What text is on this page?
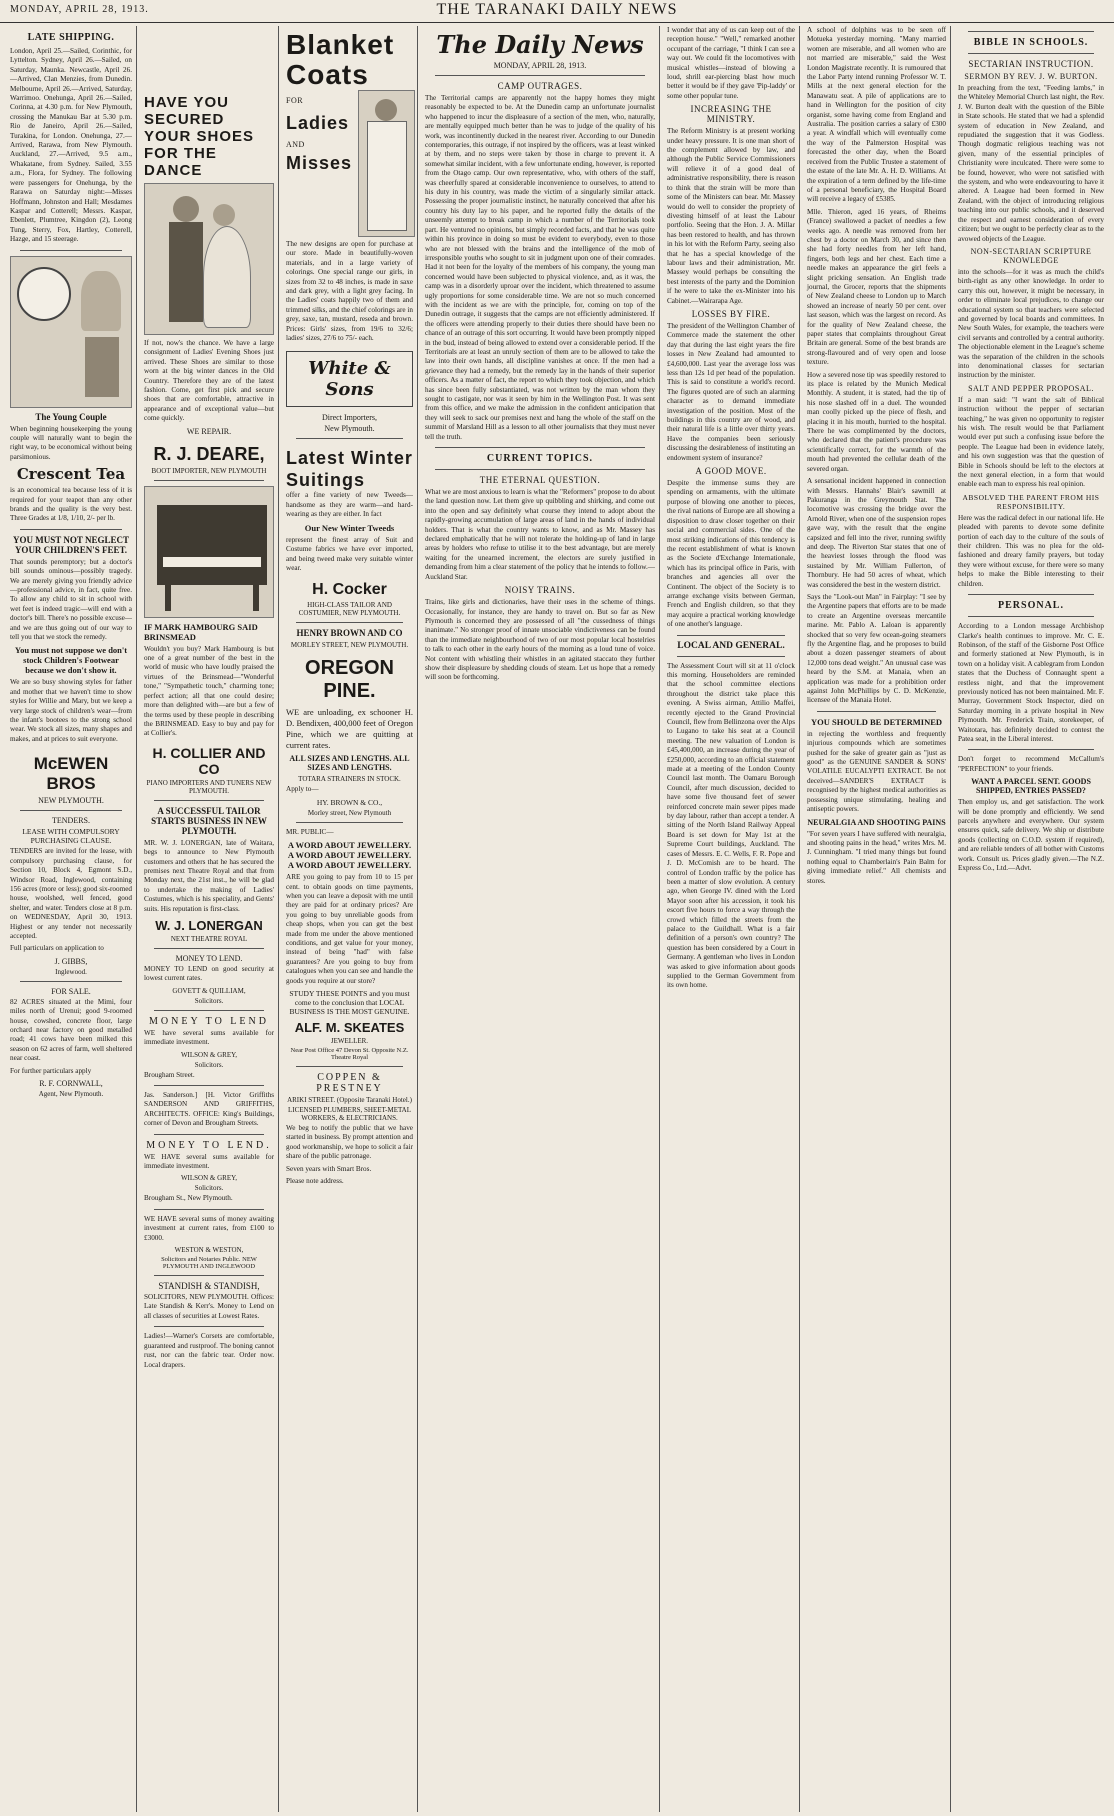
MONDAY, APRIL 28, 1913.	THE TARANAKI DAILY NEWS
LATE SHIPPING.
London, April 25.—Sailed, Corinthic, for Lyttelton. Sydney, April 26.—Sailed, on Saturday, Maunka. Newcastle, April 26.—Arrived, Clan Menzies, from Dunedin. Melbourne, April 26.—Arrived, Saturday, Warrimoo. Onehunga, April 26.—Sailed, Corinna, at 4.30 p.m. for New Plymouth, crossing the Manukau Bar at 5.30 p.m. Rio de Janeiro, April 26.—Sailed, Turakina, for London. Onehunga, 27.—Arrived, Rarawa, from New Plymouth. Auckland, 27.—Arrived, 9.5 a.m., Whakatane, from Sydney. Sailed, 3.55 a.m., Flora, for Sydney. The following were passengers for Onehunga, by the Rarawa on Saturday night:—Misses Hoffmann, Johnston and Hall; Mesdames Kaspar and Cotterell; Messrs. Kaspar, Ebenlett, Plumtree, Kingdon (2), Leong Tung, Sterry, Fox, Hartley, Cotterell, Hazge, and 15 steerage.
The Young Couple
When beginning housekeeping the young couple will naturally want to begin the right way, to be economical without being parsimonious.
Crescent Tea
is an economical tea because less of it is required for your teapot than any other brands and the quality is the very best. Three Grades at 1/8, 1/10, 2/- per lb.
YOU MUST NOT NEGLECT YOUR CHILDREN'S FEET.
That sounds peremptory; but a doctor's bill sounds ominous—possibly tragedy. We are merely giving you friendly advice—professional advice, in fact, quite free. To allow any child to sit in school with wet feet is indeed tragic—will end with a doctor's bill. There's no possible excuse—and we are thus going out of our way to tell you that we stock the remedy.
You must not suppose we don't stock Children's Footwear because we don't show it.
We are so busy showing styles for father and mother that we haven't time to show styles for Willie and Mary, but we keep a very large stock of children's wear—from the infant's bootees to the strong school wear. We stock all sizes, many shapes and makes, and at prices to suit everyone.
McEWEN BROS
NEW PLYMOUTH.
TENDERS.
LEASE WITH COMPULSORY PURCHASING CLAUSE.
TENDERS are invited for the lease, with compulsory purchasing clause, for Section 10, Block 4, Egmont S.D., Windsor Road, Inglewood, containing 156 acres (more or less); good six-roomed house, woolshed, well fenced, good shelter, and water. Tenders close at 8 p.m. on WEDNESDAY, April 30, 1913. Highest or any tender not necessarily accepted.
Full particulars on application to
J. GIBBS,
Inglewood.
FOR SALE.
82 ACRES situated at the Mimi, four miles north of Urenui; good 9-roomed house, cowshed, concrete floor, large orchard near factory on good metalled road; 41 cows have been milked this season on 62 acres of farm, well sheltered near coast.
For further particulars apply
R. F. CORNWALL,
Agent, New Plymouth.
HAVE YOU SECURED YOUR SHOES FOR THE DANCE
If not, now's the chance. We have a large consignment of Ladies' Evening Shoes just arrived. These Shoes are similar to those worn at the big winter dances in the Old Country. Therefore they are of the latest fashion. Come, get first pick and secure shoes that are comfortable, attractive in appearance and of exceptional value—but come quickly.
WE REPAIR.
R. J. DEARE,
BOOT IMPORTER, NEW PLYMOUTH
IF MARK HAMBOURG SAID BRINSMEAD
Wouldn't you buy? Mark Hambourg is but one of a great number of the best in the world of music who have loudly praised the virtues of the Brinsmead—"Wonderful tone," "Sympathetic touch," charming tone; perfect action; all that one could desire; more than delighted with—are but a few of the terms used by these people in describing the BRINSMEAD. Easy to buy and pay for at Collier's.
H. COLLIER AND CO
PIANO IMPORTERS AND TUNERS NEW PLYMOUTH.
A SUCCESSFUL TAILOR STARTS BUSINESS IN NEW PLYMOUTH.
MR. W. J. LONERGAN, late of Waitara, begs to announce to New Plymouth customers and others that he has secured the premises next Theatre Royal and that from Monday next, the 21st inst., he will be glad to undertake the making of Ladies' Costumes, which is his speciality, and Gents' suits. His reputation is first-class.
W. J. LONERGAN
NEXT THEATRE ROYAL
MONEY TO LEND.
MONEY TO LEND on good security at lowest current rates.
GOVETT & QUILLIAM,
Solicitors.
MONEY TO LEND
WE have several sums available for immediate investment.
WILSON & GREY,
Solicitors.
Brougham Street.
Jas. Sanderson.] [H. Victor Griffiths SANDERSON AND GRIFFITHS, ARCHITECTS. OFFICE: King's Buildings, corner of Devon and Brougham Streets.
MONEY TO LEND.
WE HAVE several sums available for immediate investment.
WILSON & GREY,
Solicitors.
Brougham St., New Plymouth.
WE HAVE several sums of money awaiting investment at current rates, from £100 to £3000.
WESTON & WESTON,
Solicitors and Notaries Public. NEW PLYMOUTH AND INGLEWOOD
STANDISH & STANDISH,
SOLICITORS, NEW PLYMOUTH. Offices: Late Standish & Kerr's. Money to Lend on all classes of securities at Lowest Rates.
Ladies!—Warner's Corsets are comfortable, guaranteed and rustproof. The boning cannot rust, nor can the fabric tear. Order now. Local drapers.
Blanket Coats
FOR
Ladies
AND
Misses
The new designs are open for purchase at our store. Made in beautifully-woven materials, and in a large variety of colorings. One special range our girls, in sizes from 32 to 48 inches, is made in saxe and dark grey, with a light grey facing. In the Ladies' coats happily two of them and trimmed silks, and the chief colorings are in grey, saxe, tan, mustard, reseda and brown. Prices: Girls' sizes, from 19/6 to 32/6; ladies' sizes, 27/6 to 75/- each.
White & Sons
Direct Importers,
New Plymouth.
Latest Winter Suitings
offer a fine variety of new Tweeds—handsome as they are warm—and hard-wearing as they are either. In fact
Our New Winter Tweeds
represent the finest array of Suit and Costume fabrics we have ever imported, and being tweed make very suitable winter wear.
H. Cocker
HIGH-CLASS TAILOR AND COSTUMIER, NEW PLYMOUTH.
HENRY BROWN AND CO
MORLEY STREET, NEW PLYMOUTH.
OREGON PINE.
WE are unloading, ex schooner H. D. Bendixen, 400,000 feet of Oregon Pine, which we are quitting at current rates.
ALL SIZES AND LENGTHS. ALL SIZES AND LENGTHS.
TOTARA STRAINERS IN STOCK.
Apply to—
HY. BROWN & CO.,
Morley street, New Plymouth
MR. PUBLIC—
A WORD ABOUT JEWELLERY. A WORD ABOUT JEWELLERY. A WORD ABOUT JEWELLERY.
ARE you going to pay from 10 to 15 per cent. to obtain goods on time payments, when you can leave a deposit with me until they are paid for at ordinary prices? Are you going to buy unreliable goods from cheap shops, when you can get the best made from me under the above mentioned conditions, and get value for your money, instead of being "had" with false guarantees? Are you going to buy from catalogues when you can see and handle the goods you require at our store?
STUDY THESE POINTS and you must come to the conclusion that LOCAL BUSINESS IS THE MOST GENUINE.
ALF. M. SKEATES
JEWELLER.
Near Post Office 47 Devon St. Opposite N.Z. Theatre Royal
COPPEN & PRESTNEY
ARIKI STREET. (Opposite Taranaki Hotel.)
LICENSED PLUMBERS, SHEET-METAL WORKERS, & ELECTRICIANS.
We beg to notify the public that we have started in business. By prompt attention and good workmanship, we hope to solicit a fair share of the public patronage.
Seven years with Smart Bros.
Please note address.
The Daily News
MONDAY, APRIL 28, 1913.
CAMP OUTRAGES.
The Territorial camps are apparently not the happy homes they might reasonably be expected to be. At the Dunedin camp an unfortunate journalist who happened to incur the displeasure of a section of the men, who, naturally, are mentally equipped much better than he was to judge of the quality of his work, was incontinently ducked in the nearest river. According to our Dunedin contemporaries, this outrage, if not inspired by the officers, was at least winked at by them, and no steps were taken by those in charge to prevent it. A somewhat similar incident, with a few unfortunate ending, however, is reported from the Otago camp. Our own representative, who, with others of the staff, was cheerfully spared at considerable inconvenience to ourselves, to attend to his duty in his country, was made the victim of a singularly similar attack. Possessing the proper journalistic instinct, he naturally conceived that after his country his duty lay to his paper, and he reported fully the details of the unseemly attempt to break camp in which a number of the Territorials took part. He ventured no opinions, but simply recorded facts, and that he was quite within his province in doing so must be evident to everybody, even to those who are not blessed with the brains and the intelligence of the mob of irresponsible youths who sought to sit in judgment upon one of their comrades. Had it not been for the loyalty of the members of his company, the young man concerned would have been subjected to physical violence, and, as it was, the camp was in a disorderly uproar over the incident, which threatened to assume ugly proportions for some considerable time. We are not so much concerned with the incident as we are with the principle, for, coming on top of the Dunedin outrage, it suggests that the camps are not efficiently administered. If the officers were attending properly to their duties there should have been no chance of an outrage of this sort occurring. It would have been promptly nipped in the bud, instead of being allowed to extend over a considerable period. If the Territorials are at least an unruly section of them are to be allowed to take the law into their own hands, all discipline vanishes at once. If the men had a grievance they had a remedy, but the remedy lay in the hands of their superior officers. As a matter of fact, the report to which they took objection, and which has since been fully substantiated, was not written by the man whom they sought to castigate, nor was it seen by him in the Wellington Post. It was sent from this office, and we make the admission in the confident anticipation that they will seek to sack our premises next and hang the whole of the staff on the summit of Marsland Hill as a lesson to all other journalists that they must never tell the truth.
CURRENT TOPICS.
THE ETERNAL QUESTION.
What we are most anxious to learn is what the "Reformers" propose to do about the land question now. Let them give up quibbling and shirking, and come out into the open and say definitely what course they intend to adopt about the rapidly-growing accumulation of large areas of land in the hands of individual holders. That is what the country wants to know, and as Mr. Massey has declared emphatically that he will not tolerate the holding-up of land in large areas by holders who refuse to utilise it to the best advantage, but are merely waiting for the unearned increment, the electors are surely justified in demanding from him a clear statement of the policy that he intends to follow.—Auckland Star.
NOISY TRAINS.
Trains, like girls and dictionaries, have their uses in the scheme of things. Occasionally, for instance, they are handy to travel on. But so far as New Plymouth is concerned they are possessed of all "the cussedness of things inanimate." No stronger proof of innate unsociable vindictiveness can be found than the immediate neighbourhood of two of our most popular local hostelries to talk to each other in the early hours of the morning as a loud tune of voice. Not content with whistling their whistles in an agitated staccato they further show their displeasure by shedding clouds of steam. Let us hope that a remedy will soon be forthcoming.
I wonder that any of us can keep out of the reception house." "Well," remarked another occupant of the carriage, "I think I can see a way out. We could fit the locomotives with musical whistles—instead of blowing a loud, shrill ear-piercing blast how much better it would be if they gave 'Pip-laddy' or some other popular tune.
INCREASING THE MINISTRY.
The Reform Ministry is at present working under heavy pressure. It is one man short of the complement allowed by law, and although the Public Service Commissioners will relieve it of a good deal of administrative responsibility, there is reason to think that the strain will be more than some of the Ministers can bear. Mr. Massey would do well to consider the propriety of divesting himself of at least the Labour portfolio. Seeing that the Hon. J. A. Millar has been restored to health, and has thrown in his lot with the Reform Party, seeing also that he has a special knowledge of the labour laws and their administration, Mr. Massey would perhaps be consulting the best interests of the party and the Dominion if he were to take the ex-Minister into his Cabinet.—Wairarapa Age.
LOSSES BY FIRE.
The president of the Wellington Chamber of Commerce made the statement the other day that during the last eight years the fire losses in New Zealand had amounted to £4,600,000. Last year the average loss was less than 12s 1d per head of the population. This is said to constitute a world's record. The figures quoted are of such an alarming character as to demand immediate investigation of the position. Most of the buildings in this country are of wood, and their natural life is a little over thirty years. Have the companies been seriously discussing the desirableness of instituting an endowment system of insurance?
A GOOD MOVE.
Despite the immense sums they are spending on armaments, with the ultimate purpose of blowing one another to pieces, the rival nations of Europe are all showing a disposition to draw closer together on their social and commercial sides. One of the most striking indications of this tendency is the recent establishment of what is known as the Societe d'Exchange Internationale, which has its principal office in Paris, with branches and agencies all over the Continent. The object of the Society is to arrange exchange visits between German, French and English children, so that they may acquire a practical working knowledge of one another's language.
LOCAL AND GENERAL.
The Assessment Court will sit at 11 o'clock this morning. Householders are reminded that the school committee elections throughout the district take place this evening. A Swiss airman, Attilio Maffei, recently ejected to the Grand Provincial Council, flew from Bellinzona over the Alps to Lugano to take his seat at a Council meeting. The new valuation of London is £45,400,000, an increase during the year of £250,000, according to an official statement made at a meeting of the London County Council last month. The Oamaru Borough Council, after much discussion, decided to have some five thousand feet of sewer reinforced concrete main sewer pipes made by day labour, rather than accept a tender. A sitting of the North Island Railway Appeal Board is set down for May 1st at the Supreme Court buildings, Auckland. The cases of Messrs. E. C. Wells, F. R. Pope and J. D. McComish are to be heard. The control of London traffic by the police has been a matter of slow evolution. A century ago, when George IV. dined with the Lord Mayor soon after his accession, it took his escort five hours to force a way through the crowd which filled the streets from the palace to the Guildhall. What is a fair definition of a person's own country? The question has been considered by a Court in Germany. A gentleman who lives in London was asked to give information about goods supplied to the German Government from its own home.
A school of dolphins was to be seen off Motueka yesterday morning. "Many married women are miserable, and all women who are not married are miserable," said the West London Magistrate recently. It is rumoured that the Labor Party intend running Professor W. T. Mills at the next general election for the Manawatu seat. A pile of applications are to hand in Wellington for the position of city organist, some having come from England and Australia. The position carries a salary of £300 a year. A windfall which will eventually come the way of the Palmerston Hospital was forecasted the other day, when the Board received from the Public Trustee a statement of the estate of the late Mr. A. H. D. Williams. At the expiration of a term defined by the life-time of a personal beneficiary, the Hospital Board will receive a legacy of £5385.
Mlle. Thieron, aged 16 years, of Rheims (France) swallowed a packet of needles a few weeks ago. A needle was removed from her chest by a doctor on March 30, and since then she had forty needles from her left hand, fingers, both legs and her chest. Each time a needle makes an appearance the girl feels a slight pricking sensation. An English trade journal, the Grocer, reports that the shipments of New Zealand cheese to London up to March showed an increase of nearly 50 per cent. over last season, which was the largest on record. As for the quality of New Zealand cheese, the paper states that complaints throughout Great Britain are general. Some of the best brands are strong-flavoured and of very open and loose texture.
How a severed nose tip was speedily restored to its place is related by the Munich Medical Monthly. A student, it is stated, had the tip of his nose slashed off in a duel. The wounded man coolly picked up the piece of flesh, and placing it in his mouth, hurried to the hospital. There he was complimented by the doctors, who declared that the patient's procedure was scientifically correct, for the warmth of the mouth had prevented the cellular death of the severed organ.
A sensational incident happened in connection with Messrs. Hannahs' Blair's sawmill at Pakuranga in the Greymouth Stat. The locomotive was crossing the bridge over the Arnold River, when one of the suspension ropes gave way, with the result that the engine capsized and fell into the river, running swiftly and deep. The Riverton Star states that one of the heaviest losses through the flood was sustained by Mr. William Fullerton, of Thornbury. He had 50 acres of wheat, which was considered the best in the western district.
Says the "Look-out Man" in Fairplay: "I see by the Argentine papers that efforts are to be made to create an Argentine overseas mercantile marine. Mr. Pablo A. Laloan is apparently shocked that so very few ocean-going steamers fly the Argentine flag, and he proposes to build about a dozen passenger steamers of about 12,000 tons dead weight." An unusual case was heard by the S.M. at Manaia, when an application was made for a prohibition order against John McPhillips by C. D. McKenzie, licensee of the Manaia Hotel.
YOU SHOULD BE DETERMINED
in rejecting the worthless and frequently injurious compounds which are sometimes pushed for the sake of greater gain as "just as good" as the GENUINE SANDER & SONS' VOLATILE EUCALYPTI EXTRACT. Be not deceived—SANDER'S EXTRACT is recognised by the highest medical authorities as possessing unique stimulating, healing and antiseptic powers.
NEURALGIA AND SHOOTING PAINS
"For seven years I have suffered with neuralgia, and shooting pains in the head," writes Mrs. M. J. Cunningham. "I tried many things but found nothing equal to Chamberlain's Pain Balm for giving immediate relief." All chemists and stores.
BIBLE IN SCHOOLS.
SECTARIAN INSTRUCTION.
SERMON BY REV. J. W. BURTON.
In preaching from the text, "Feeding lambs," in the Whiteley Memorial Church last night, the Rev. J. W. Burton dealt with the question of the Bible in State schools. He stated that we had a splendid system of education in New Zealand, and repudiated the suggestion that it was Godless. Though dogmatic religious teaching was not given, many of the essential principles of Christianity were inculcated. There were some to be found, however, who were not satisfied with the system, and who were endeavouring to have it altered. A League had been formed in New Zealand, with the object of introducing religious teaching into our public schools, and it deserved the respect and earnest consideration of every citizen; but we ought to be perfectly clear as to the avowed objects of the League.
NON-SECTARIAN SCRIPTURE KNOWLEDGE
into the schools—for it was as much the child's birth-right as any other knowledge. In order to carry this out, however, it might be necessary, in order to eliminate local prejudices, to change our educational system so that teachers were selected and governed by local boards and committees. In New South Wales, for example, the teachers were civil servants and controlled by a central authority. The objectionable element in the League's scheme was the separation of the children in the schools into denominational classes for sectarian instruction by the minister.
SALT AND PEPPER PROPOSAL.
If a man said: "I want the salt of Biblical instruction without the pepper of sectarian teaching," he was given no opportunity to register his wish. The result would be that Parliament would ever put such a confusing issue before the people. The League had been in evidence lately, and his own suggestion was that the question of Bible in Schools should be left to the electors at the next general election, in a form that would enable each man to express his real opinion.
ABSOLVED THE PARENT FROM HIS RESPONSIBILITY.
Here was the radical defect in our national life. He pleaded with parents to devote some definite portion of each day to the culture of the souls of their children. This was no plea for the old-fashioned and dreary family prayers, but today they were without excuse, for there were so many helps to make the Bible interesting to their children.
PERSONAL.
According to a London message Archbishop Clarke's health continues to improve. Mr. C. E. Robinson, of the staff of the Gisborne Post Office and formerly stationed at New Plymouth, is in town on a holiday visit. A cablegram from London states that the Duchess of Connaught spent a restless night, and that the improvement previously noticed has not been maintained. Mr. F. Murray, Government Stock Inspector, died on Saturday morning in a private hospital in New Plymouth. Mr. Frederick Train, storekeeper, of Waitotara, has definitely decided to contest the Patea seat, in the Liberal interest.
Don't forget to recommend McCallum's "PERFECTION" to your friends.
WANT A PARCEL SENT. GOODS SHIPPED, ENTRIES PASSED?
Then employ us, and get satisfaction. The work will be done promptly and efficiently. We send parcels anywhere and everywhere. Our system ensures quick, safe delivery. We ship or distribute goods (collecting on C.O.D. system if required), and are reliable tenders of all bother with Customs work. Consult us. Prices gladly given.—The N.Z. Express Co., Ltd.—Advt.
